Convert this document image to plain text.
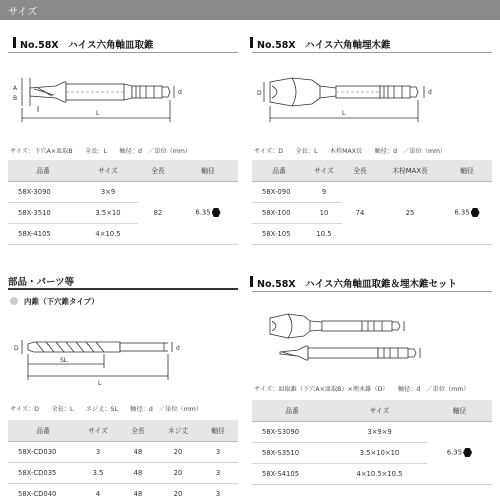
サイズ
No.58X　ハイス六角軸皿取錐
A
B
L
d
サイズ：下穴A×皿取B　　全長：L　　軸径：d　／単位（mm）
品番	サイズ	全長	軸径
58X-3090	3×9	82	6.35
58X-3510	3.5×10		
58X-4105	4×10.5		
No.58X　ハイス六角軸埋木錐
D
L
d
サイズ：D　　全長：L　　木栓MAX長　　軸径：d　／単位（mm）
品番	サイズ	全長	木栓MAX長	軸径
58X-090	9	74	25	6.35
58X-100	10			
58X-105	10.5			
部品・パーツ等
内錐（下穴錐タイプ）
D
SL
L
d
サイズ：D　　全長：L　　ネジ丈：SL　　軸径：d　／単位（mm）
品番	サイズ	全長	ネジ丈	軸径
58X-CD030	3	48	20	3
58X-CD035	3.5	48	20	3
58X-CD040	4	48	20	3
No.58X　ハイス六角軸皿取錐＆埋木錐セット
サイズ：皿取錐（下穴A×皿取B）×埋木錐（D）　　軸径：d　／単位（mm）
品番	サイズ	軸径
58X-S3090	3×9×9	6.35
58X-S3510	3.5×10×10	
58X-S4105	4×10.5×10.5	
